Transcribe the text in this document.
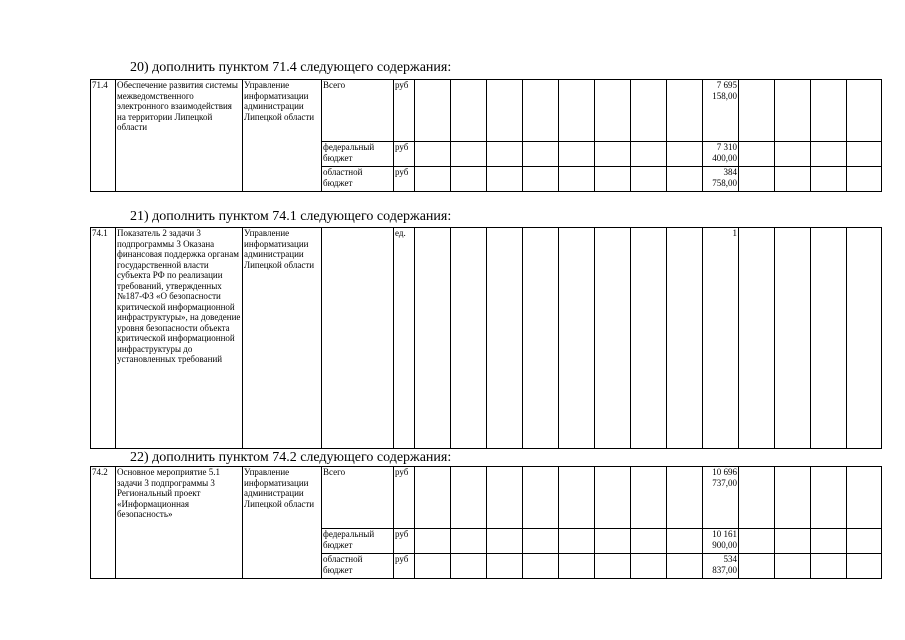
20) дополнить пунктом 71.4 следующего содержания:
71.4	Обеспечение развития системы межведомственного электронного взаимодействия на территории Липецкой области	Управление информатизации администрации Липецкой области	Всего	руб									7 695 158,00				
			федеральный бюджет	руб									7 310 400,00				
			областной бюджет	руб									384 758,00				
21) дополнить пунктом 74.1 следующего содержания:
74.1	Показатель 2 задачи 3 подпрограммы 3 Оказана финансовая поддержка органам государственной власти субъекта РФ по реализации требований, утвержденных №187-ФЗ «О безопасности критической информационной инфраструктуры», на доведение уровня безопасности объекта критической информационной инфраструктуры до установленных требований	Управление информатизации администрации Липецкой области		ед.									1				
22) дополнить пунктом 74.2 следующего содержания:
74.2	Основное мероприятие 5.1 задачи 3 подпрограммы 3 Региональный проект «Информационная безопасность»	Управление информатизации администрации Липецкой области	Всего	руб									10 696 737,00				
			федеральный бюджет	руб									10 161 900,00				
			областной бюджет	руб									534 837,00				
